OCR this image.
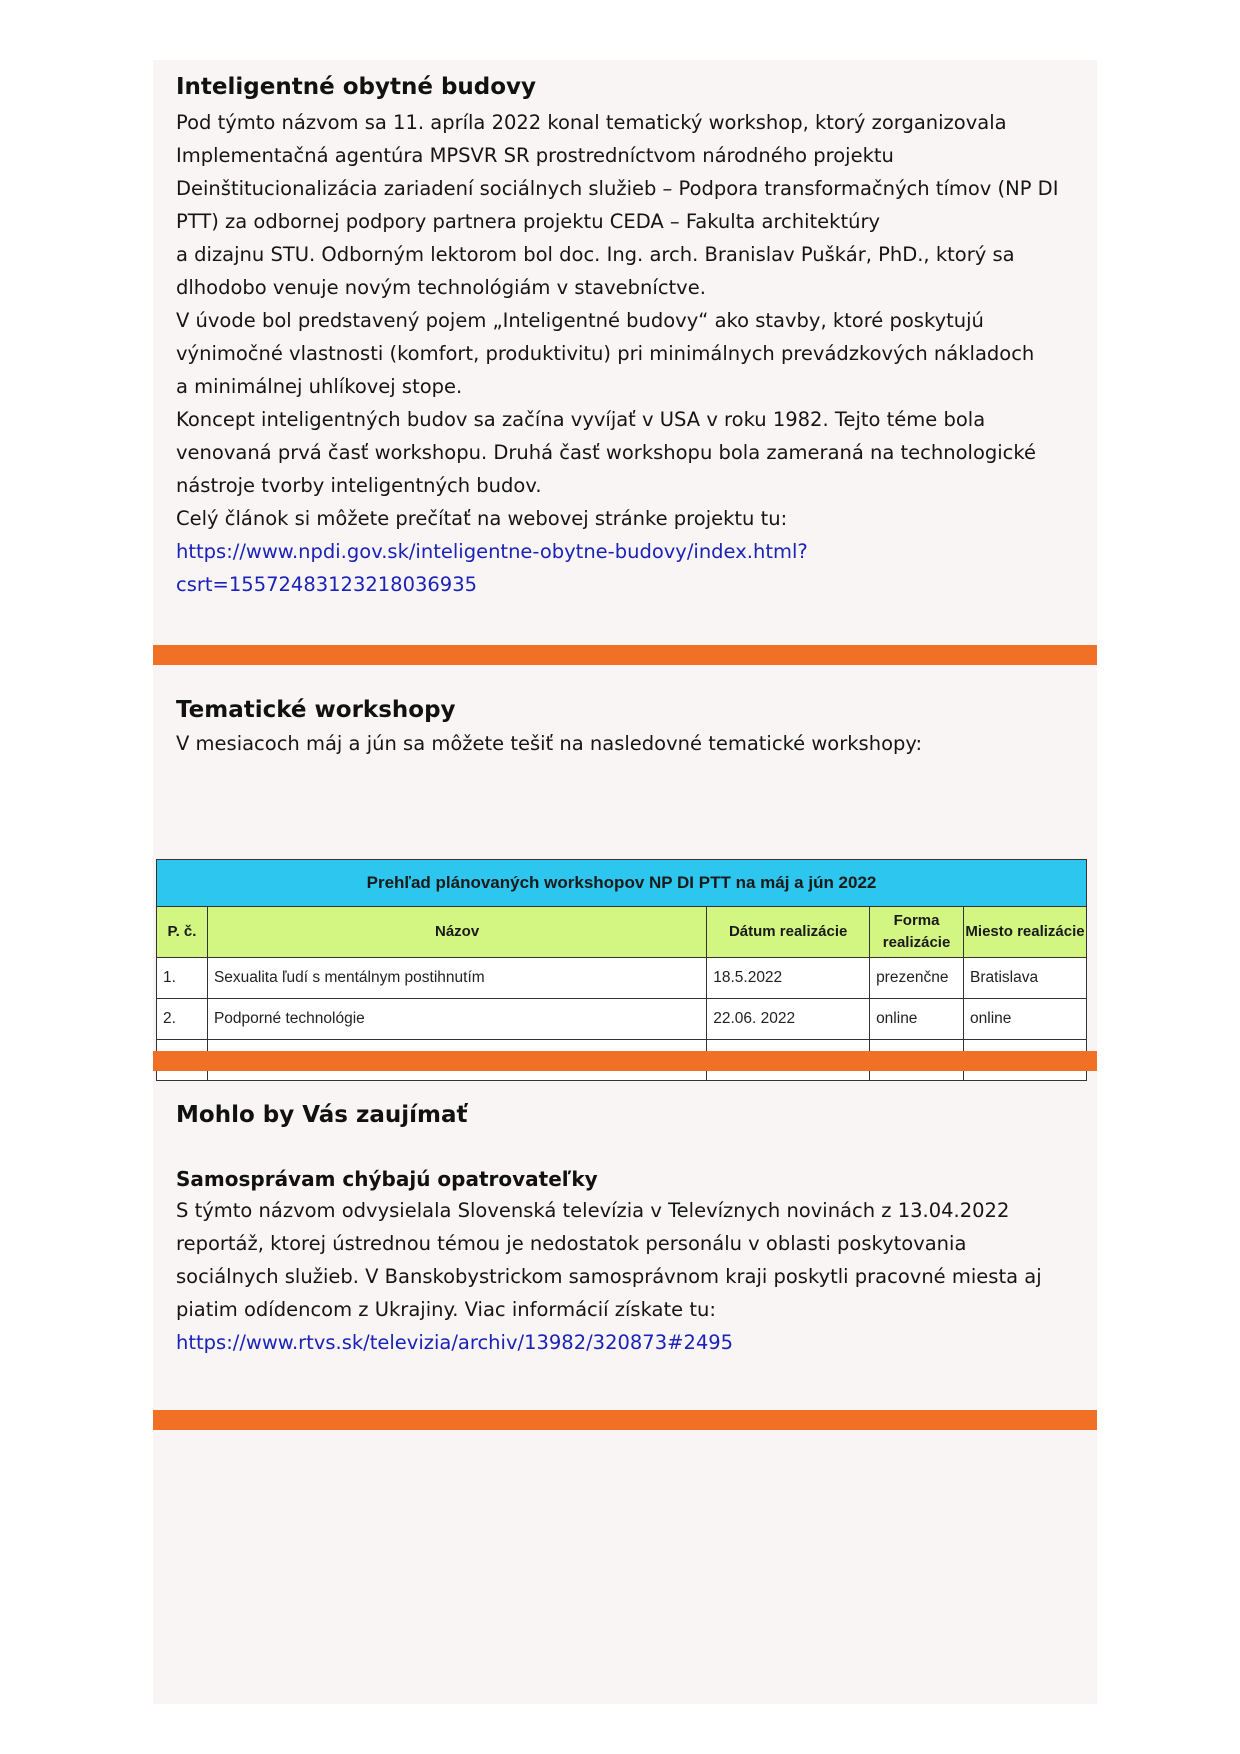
Inteligentné obytné budovy

Pod týmto názvom sa 11. apríla 2022 konal tematický workshop, ktorý zorganizovala
Implementačná agentúra MPSVR SR prostredníctvom národného projektu
Deinštitucionalizácia zariadení sociálnych služieb – Podpora transformačných tímov (NP DI
PTT) za odbornej podpory partnera projektu CEDA – Fakulta architektúry
a dizajnu STU. Odborným lektorom bol doc. Ing. arch. Branislav Puškár, PhD., ktorý sa
dlhodobo venuje novým technológiám v stavebníctve.
V úvode bol predstavený pojem „Inteligentné budovy“ ako stavby, ktoré poskytujú
výnimočné vlastnosti (komfort, produktivitu) pri minimálnych prevádzkových nákladoch
a minimálnej uhlíkovej stope.
Koncept inteligentných budov sa začína vyvíjať v USA v roku 1982. Tejto téme bola
venovaná prvá časť workshopu. Druhá časť workshopu bola zameraná na technologické
nástroje tvorby inteligentných budov.
Celý článok si môžete prečítať na webovej stránke projektu tu:

https://www.npdi.gov.sk/inteligentne-obytne-budovy/index.html?
csrt=15572483123218036935
Tematické workshopy

V mesiacoch máj a jún sa môžete tešiť na nasledovné tematické workshopy:

Prehľad plánovaných workshopov NP DI PTT na máj a jún 2022				
P. č.	Názov	Dátum realizácie	Forma realizácie	Miesto realizácie
1.	Sexualita ľudí s mentálnym postihnutím	18.5.2022	prezenčne	Bratislava
2.	Podporné technológie	22.06. 2022	online	online

Mohlo by Vás zaujímať
Samosprávam chýbajú opatrovateľky

S týmto názvom odvysielala Slovenská televízia v Televíznych novinách z 13.04.2022
reportáž, ktorej ústrednou témou je nedostatok personálu v oblasti poskytovania
sociálnych služieb. V Banskobystrickom samosprávnom kraji poskytli pracovné miesta aj
piatim odídencom z Ukrajiny. Viac informácií získate tu:

https://www.rtvs.sk/televizia/archiv/13982/320873#2495
